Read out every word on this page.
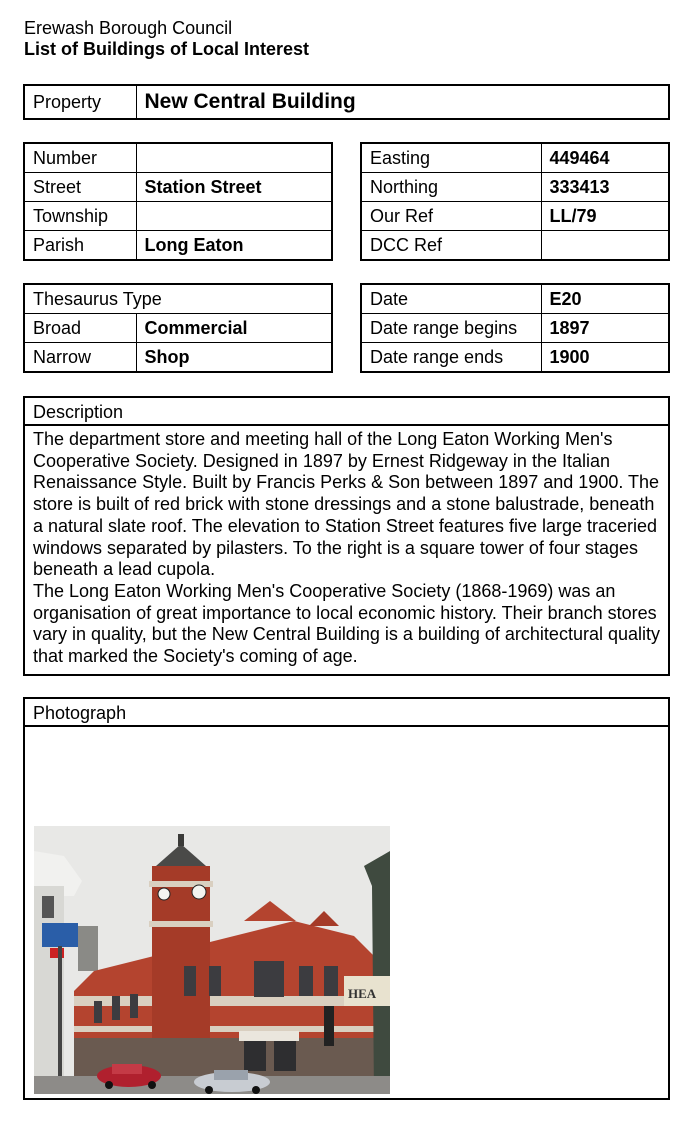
Erewash Borough Council
List of Buildings of Local Interest
Property	New Central Building
Number	
Street	Station Street
Township	
Parish	Long Eaton
Easting	449464
Northing	333413
Our Ref	LL/79
DCC Ref	
Thesaurus Type	
Broad	Commercial
Narrow	Shop
Date	E20
Date range begins	1897
Date range ends	1900
Description

The department store and meeting hall of the Long Eaton Working Men's Cooperative Society. Designed in 1897 by Ernest Ridgeway in the Italian Renaissance Style. Built by Francis Perks & Son between 1897 and 1900. The store is built of red brick with stone dressings and a stone balustrade, beneath a natural slate roof. The elevation to Station Street features five large traceried windows separated by pilasters. To the right is a square tower of four stages beneath a lead cupola.

The Long Eaton Working Men's Cooperative Society (1868-1969) was an organisation of great importance to local economic history. Their branch stores vary in quality, but the New Central Building is a building of architectural quality that marked the Society's coming of age.

Photograph
HEA
